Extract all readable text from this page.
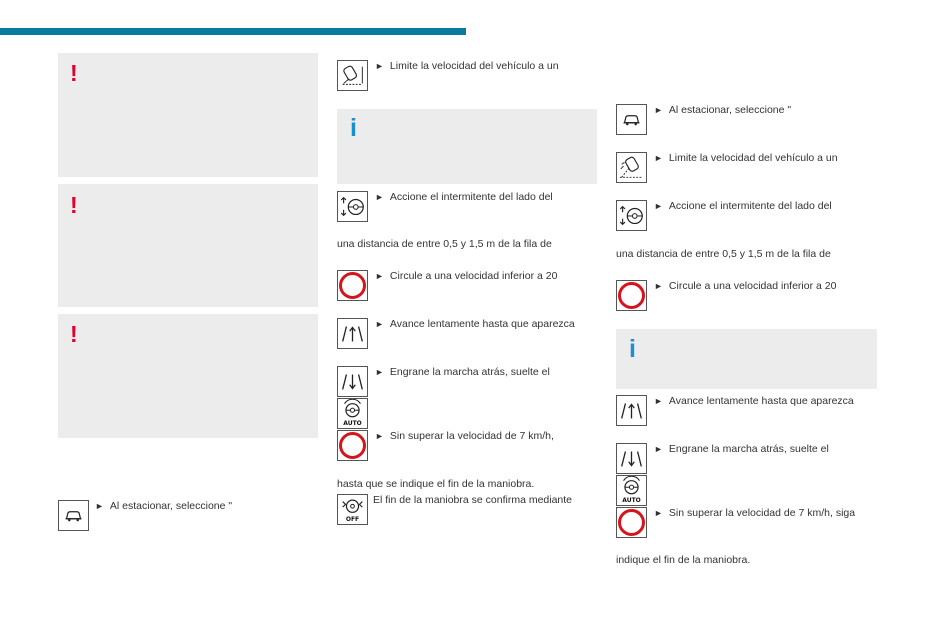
!
!
!
► Al estacionar, seleccione "
► Limite la velocidad del vehículo a un
i
► Accione el intermitente del lado del
una distancia de entre 0,5 y 1,5 m de la fila de
► Circule a una velocidad inferior a 20
► Avance lentamente hasta que aparezca
► Engrane la marcha atrás, suelte el
AUTO
► Sin superar la velocidad de 7 km/h,
hasta que se indique el fin de la maniobra.
OFF
El fin de la maniobra se confirma mediante
► Al estacionar, seleccione "
► Limite la velocidad del vehículo a un
► Accione el intermitente del lado del
una distancia de entre 0,5 y 1,5 m de la fila de
► Circule a una velocidad inferior a 20
i
► Avance lentamente hasta que aparezca
► Engrane la marcha atrás, suelte el
AUTO
► Sin superar la velocidad de 7 km/h, siga
indique el fin de la maniobra.
